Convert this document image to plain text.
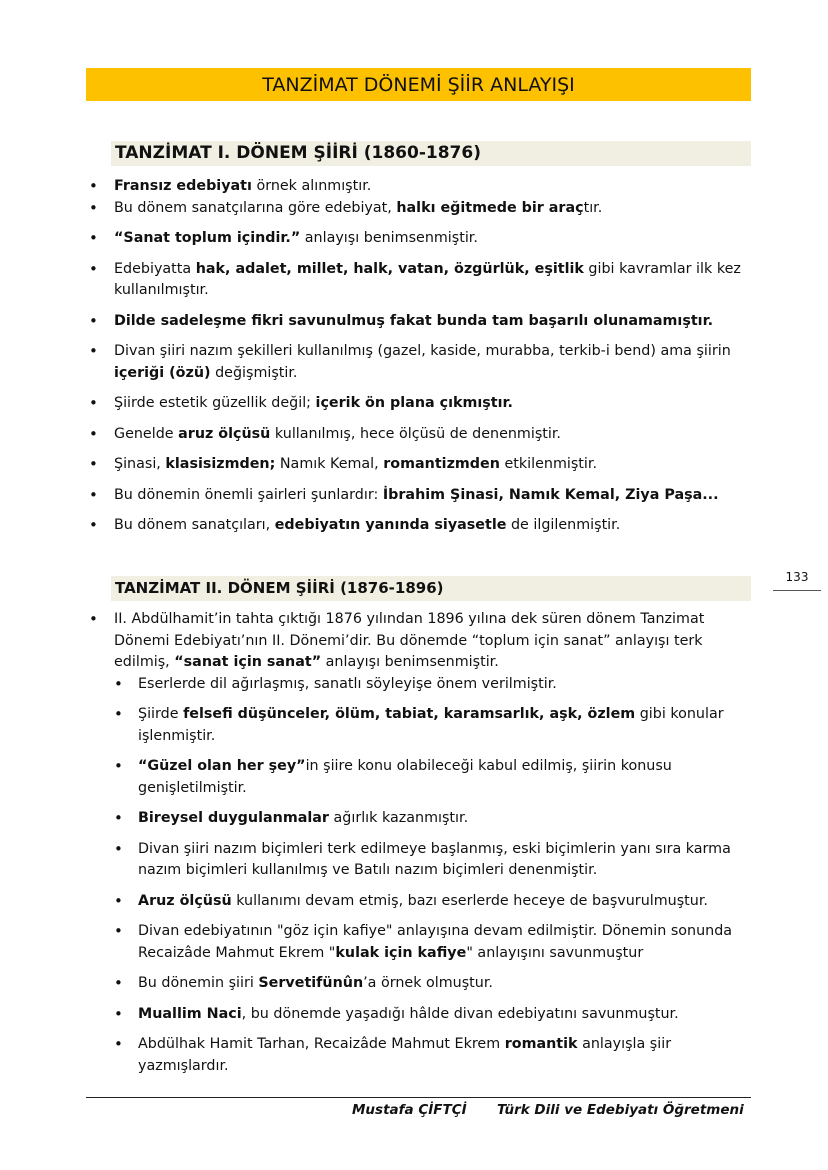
TANZİMAT DÖNEMİ ŞİİR ANLAYIŞI
TANZİMAT I. DÖNEM ŞİİRİ (1860-1876)
• Fransız edebiyatı örnek alınmıştır.
• Bu dönem sanatçılarına göre edebiyat, halkı eğitmede bir araçtır.
• “Sanat toplum içindir.” anlayışı benimsenmiştir.
• Edebiyatta hak, adalet, millet, halk, vatan, özgürlük, eşitlik gibi kavramlar ilk kez kullanılmıştır.
• Dilde sadeleşme fikri savunulmuş fakat bunda tam başarılı olunamamıştır.
• Divan şiiri nazım şekilleri kullanılmış (gazel, kaside, murabba, terkib-i bend) ama şiirin içeriği (özü) değişmiştir.
• Şiirde estetik güzellik değil; içerik ön plana çıkmıştır.
• Genelde aruz ölçüsü kullanılmış, hece ölçüsü de denenmiştir.
• Şinasi, klasisizmden; Namık Kemal, romantizmden etkilenmiştir.
• Bu dönemin önemli şairleri şunlardır: İbrahim Şinasi, Namık Kemal, Ziya Paşa...
• Bu dönem sanatçıları, edebiyatın yanında siyasetle de ilgilenmiştir.
133
TANZİMAT II. DÖNEM ŞİİRİ (1876-1896)
• II. Abdülhamit’in tahta çıktığı 1876 yılından 1896 yılına dek süren dönem Tanzimat Dönemi Edebiyatı’nın II. Dönemi’dir. Bu dönemde “toplum için sanat” anlayışı terk edilmiş, “sanat için sanat” anlayışı benimsenmiştir.
• Eserlerde dil ağırlaşmış, sanatlı söyleyişe önem verilmiştir.
• Şiirde felsefi düşünceler, ölüm, tabiat, karamsarlık, aşk, özlem gibi konular işlenmiştir.
• “Güzel olan her şey”in şiire konu olabileceği kabul edilmiş, şiirin konusu genişletilmiştir.
• Bireysel duygulanmalar ağırlık kazanmıştır.
• Divan şiiri nazım biçimleri terk edilmeye başlanmış, eski biçimlerin yanı sıra karma nazım biçimleri kullanılmış ve Batılı nazım biçimleri denenmiştir.
• Aruz ölçüsü kullanımı devam etmiş, bazı eserlerde heceye de başvurulmuştur.
• Divan edebiyatının "göz için kafiye" anlayışına devam edilmiştir. Dönemin sonunda Recaizâde Mahmut Ekrem "kulak için kafiye" anlayışını savunmuştur
• Bu dönemin şiiri Servetifünûn’a örnek olmuştur.
• Muallim Naci, bu dönemde yaşadığı hâlde divan edebiyatını savunmuştur.
• Abdülhak Hamit Tarhan, Recaizâde Mahmut Ekrem romantik anlayışla şiir yazmışlardır.
Mustafa ÇİFTÇİ Türk Dili ve Edebiyatı Öğretmeni
